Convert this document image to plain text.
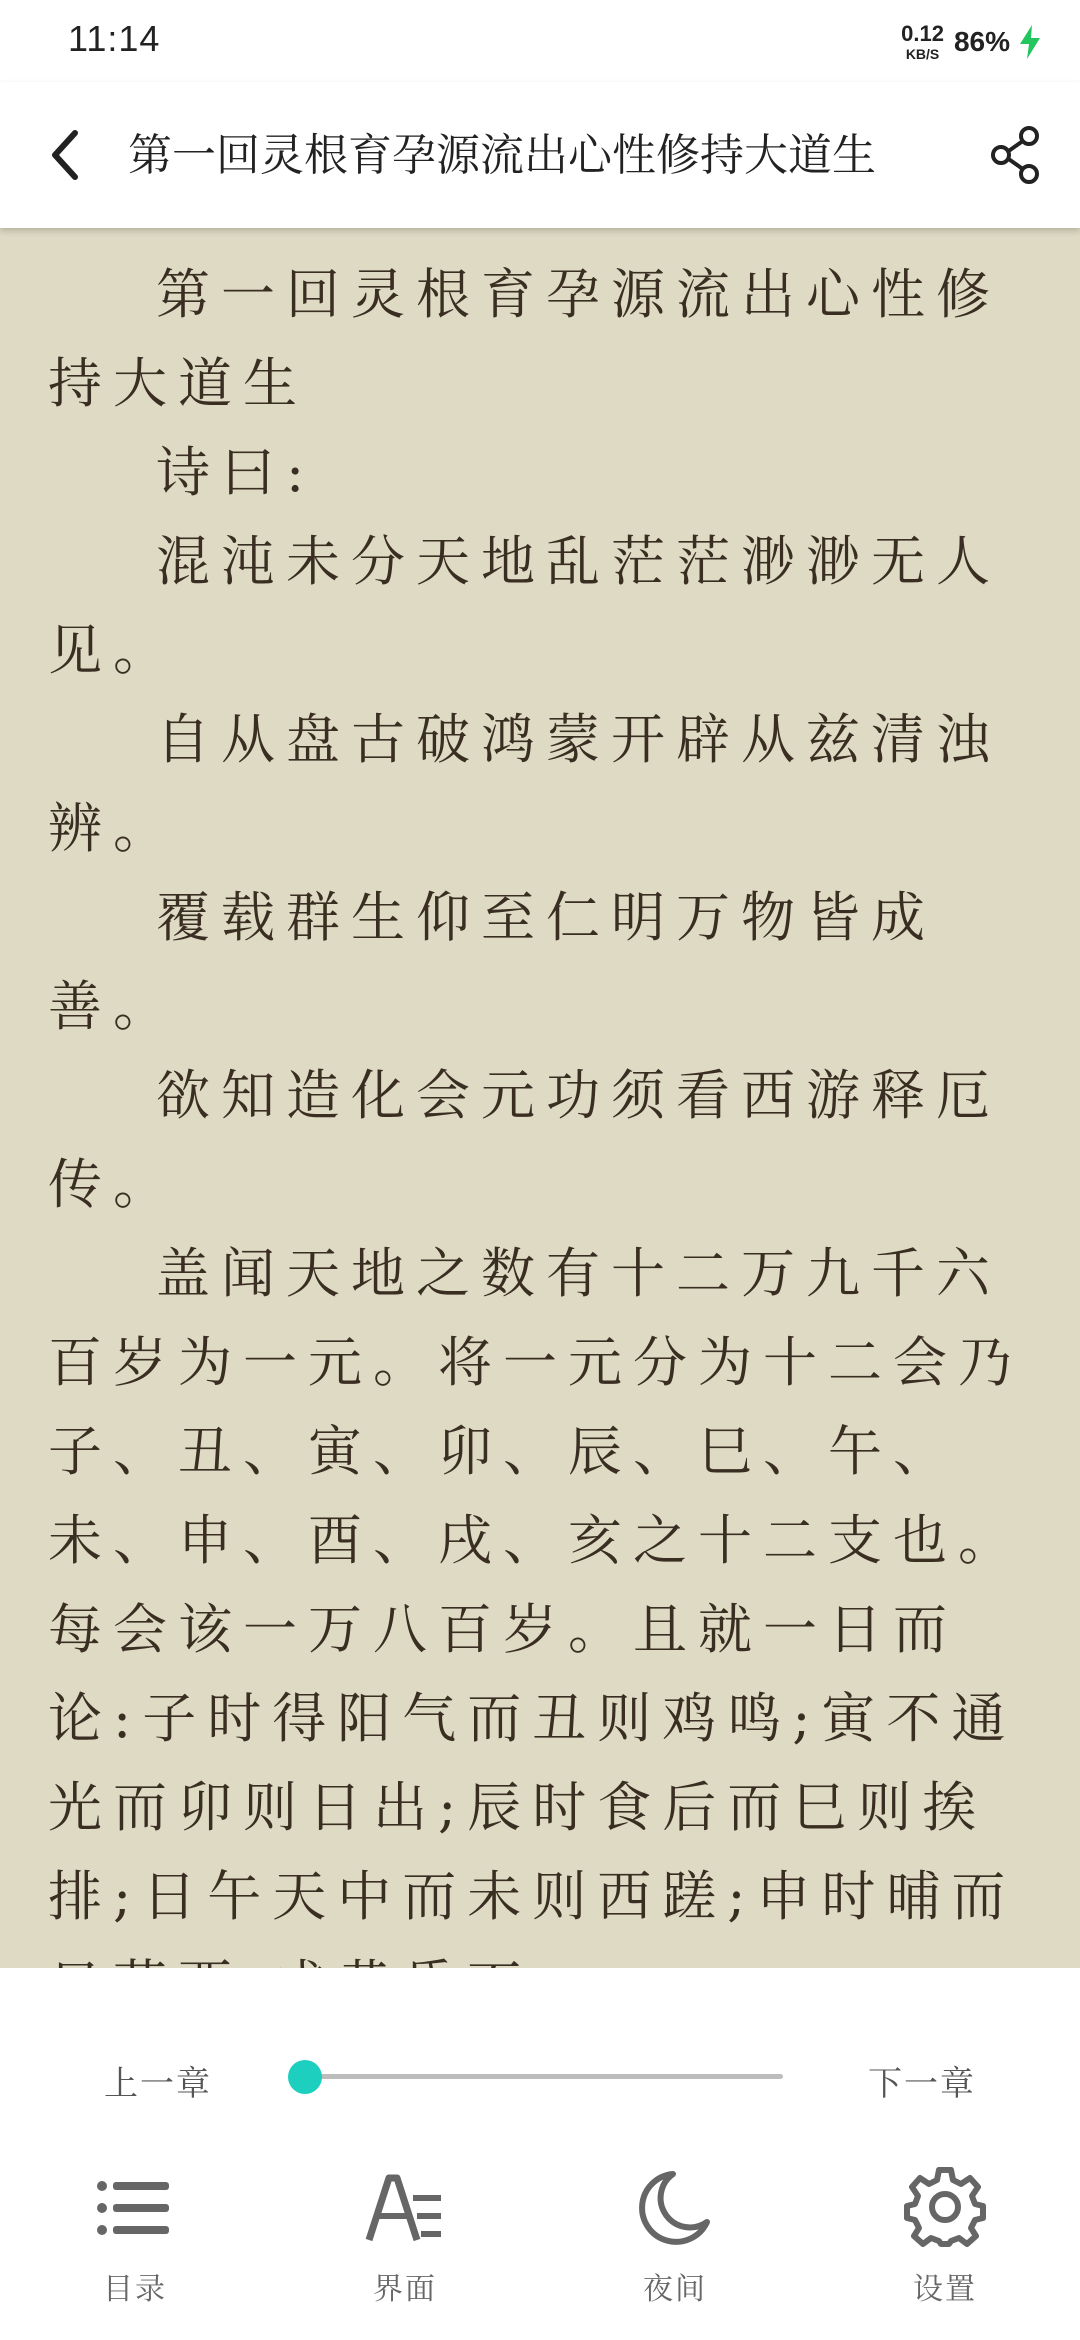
11:14	0.12
KB/S 86%
第一回灵根育孕源流出心性修持大道生

第一回灵根育孕源流出心性修持大道生

诗曰:

混沌未分天地乱茫茫渺渺无人见。

自从盘古破鸿蒙开辟从兹清浊辨。

覆载群生仰至仁明万物皆成善。

欲知造化会元功须看西游释厄传。

盖闻天地之数有十二万九千六百岁为一元。将一元分为十二会乃子、丑、寅、卯、辰、巳、午、未、申、酉、戌、亥之十二支也。每会该一万八百岁。且就一日而论:子时得阳气而丑则鸡鸣;寅不通光而卯则日出;辰时食后而巳则挨排;日午天中而未则西蹉;申时晡而

上一章	下一章
目录	界面	夜间	设置
